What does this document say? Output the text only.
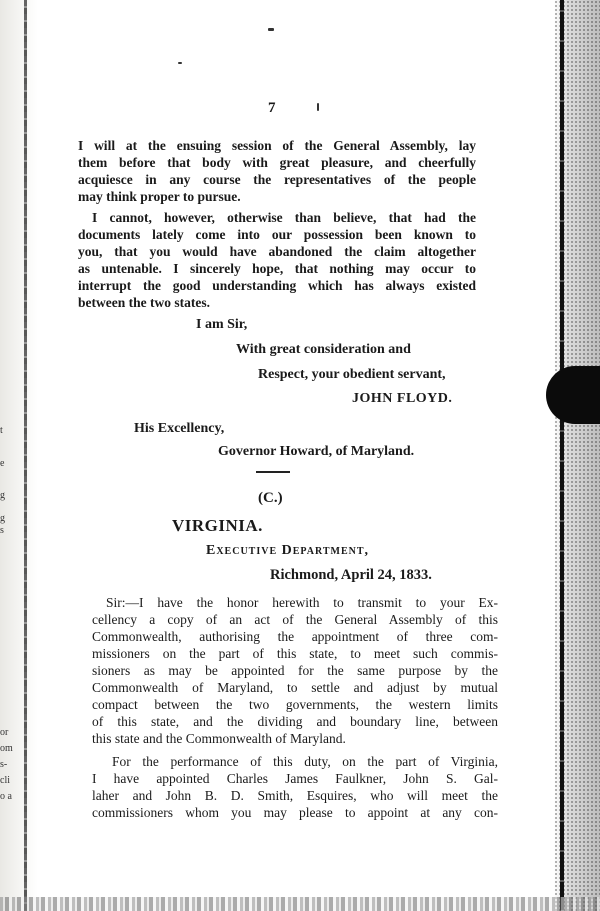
t
e
g
g
s
or
om
s-
cli
o a
7
I will at the ensuing session of the General Assembly, lay
them before that body with great pleasure, and cheerfully
acquiesce in any course the representatives of the people
may think proper to pursue.
I cannot, however, otherwise than believe, that had the
documents lately come into our possession been known to
you, that you would have abandoned the claim altogether
as untenable. I sincerely hope, that nothing may occur to
interrupt the good understanding which has always existed
between the two states.
I am Sir,
With great consideration and
Respect, your obedient servant,
JOHN FLOYD.
His Excellency,
Governor Howard, of Maryland.
(C.)
VIRGINIA.
Executive Department,
Richmond, April 24, 1833.
Sir:—I have the honor herewith to transmit to your Ex-
cellency a copy of an act of the General Assembly of this
Commonwealth, authorising the appointment of three com-
missioners on the part of this state, to meet such commis-
sioners as may be appointed for the same purpose by the
Commonwealth of Maryland, to settle and adjust by mutual
compact between the two governments, the western limits
of this state, and the dividing and boundary line, between
this state and the Commonwealth of Maryland.
For the performance of this duty, on the part of Virginia,
I have appointed Charles James Faulkner, John S. Gal-
laher and John B. D. Smith, Esquires, who will meet the
commissioners whom you may please to appoint at any con-
